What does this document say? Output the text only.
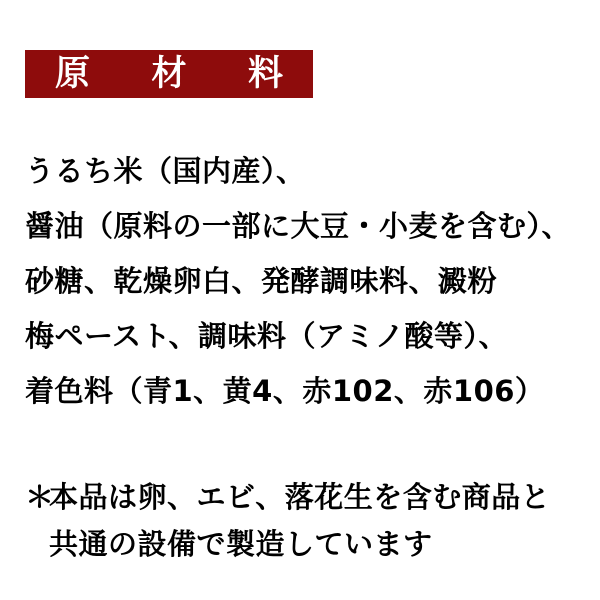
原 材 料
うるち米（国内産）、
醤油（原料の一部に大豆・小麦を含む）、
砂糖、乾燥卵白、発酵調味料、澱粉
梅ペースト、調味料（アミノ酸等）、
着色料（青1、黄4、赤102、赤106）
＊
本品は卵、エビ、落花生を含む商品と
共通の設備で製造しています
